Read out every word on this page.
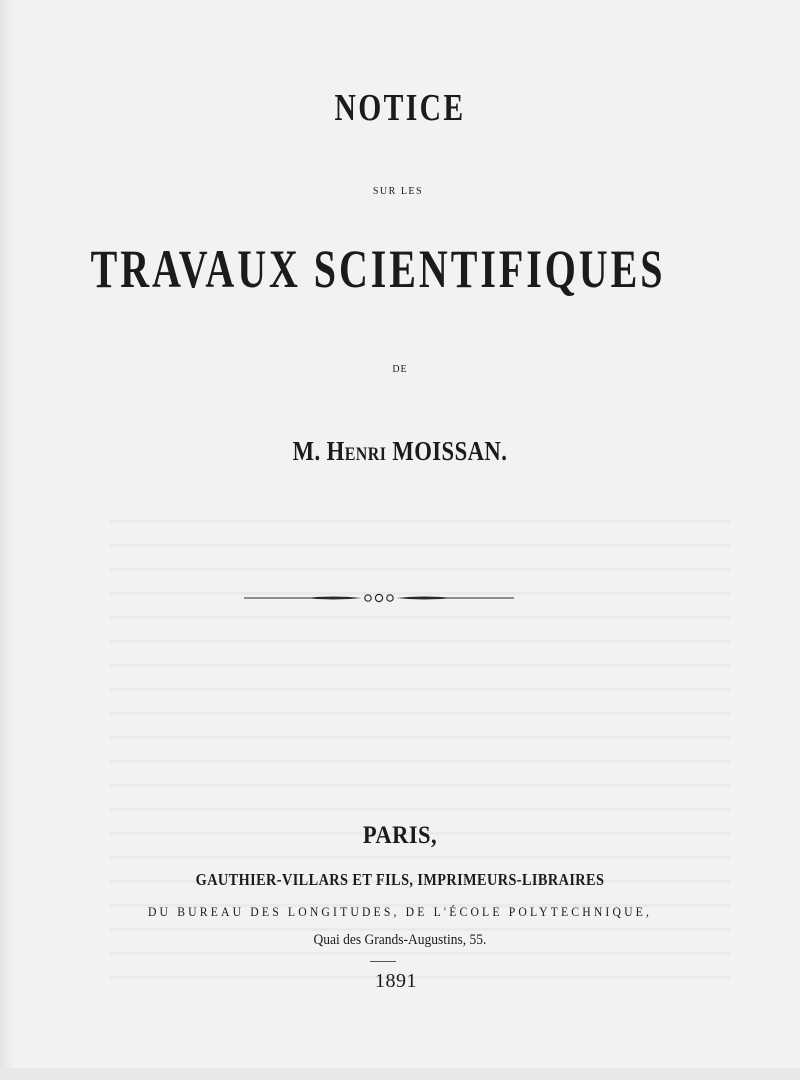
NOTICE
SUR LES
TRAVAUX SCIENTIFIQUES
DE
M. Henri MOISSAN.
PARIS,
GAUTHIER-VILLARS ET FILS, IMPRIMEURS-LIBRAIRES
DU BUREAU DES LONGITUDES, DE L'ÉCOLE POLYTECHNIQUE,
Quai des Grands-Augustins, 55.
1891
